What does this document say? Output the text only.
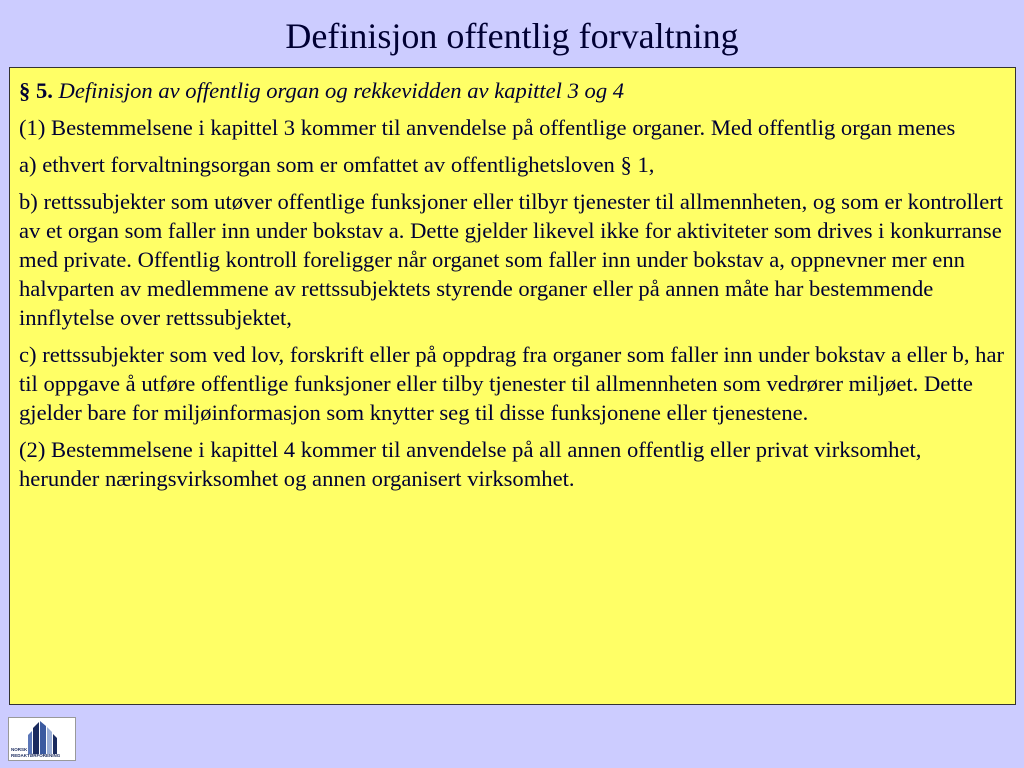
Definisjon offentlig forvaltning

§ 5. Definisjon av offentlig organ og rekkevidden av kapittel 3 og 4

(1) Bestemmelsene i kapittel 3 kommer til anvendelse på offentlige organer. Med offentlig organ menes

a) ethvert forvaltningsorgan som er omfattet av offentlighetsloven § 1,

b) rettssubjekter som utøver offentlige funksjoner eller tilbyr tjenester til allmennheten, og som er kontrollert av et organ som faller inn under bokstav a. Dette gjelder likevel ikke for aktiviteter som drives i konkurranse med private. Offentlig kontroll foreligger når organet som faller inn under bokstav a, oppnevner mer enn halvparten av medlemmene av rettssubjektets styrende organer eller på annen måte har bestemmende innflytelse over rettssubjektet,

c) rettssubjekter som ved lov, forskrift eller på oppdrag fra organer som faller inn under bokstav a eller b, har til oppgave å utføre offentlige funksjoner eller tilby tjenester til allmennheten som vedrører miljøet. Dette gjelder bare for miljøinformasjon som knytter seg til disse funksjonene eller tjenestene.

(2) Bestemmelsene i kapittel 4 kommer til anvendelse på all annen offentlig eller privat virksomhet, herunder næringsvirksomhet og annen organisert virksomhet.

NORSK
REDAKTØRFORENING
